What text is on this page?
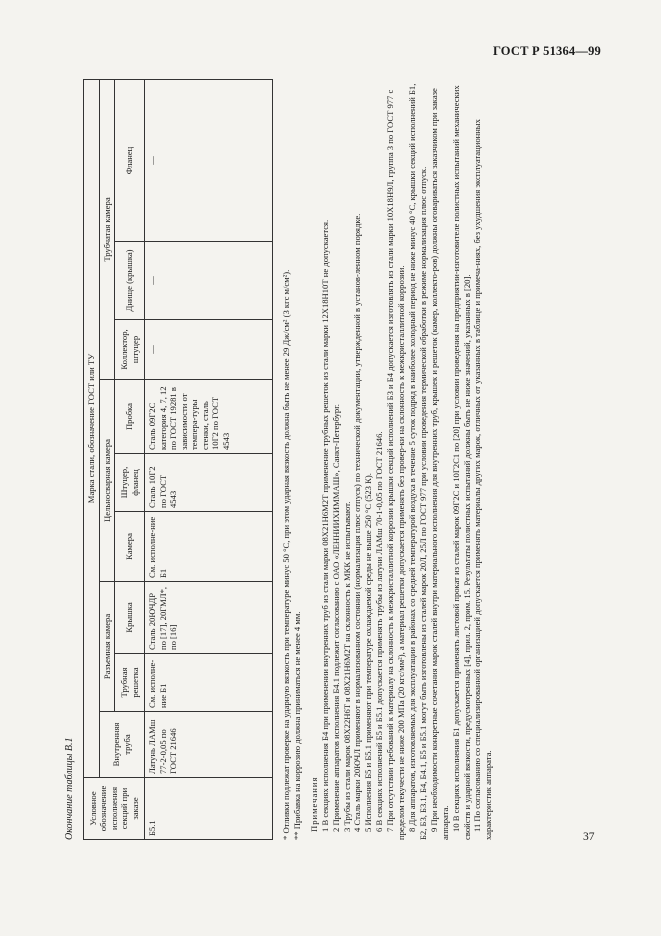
ГОСТ Р 51364—99
Окончание таблицы В.1	Условное обозначение исполнения секций при заказе	Марка стали, обозначение ГОСТ или ТУ								
	Внутренняя труба	Разъемная камера		Цельносварная камера			Трубчатая камера		
		Трубная решетка	Крышка	Камера	Штуцер, фланец	Пробка	Коллектор, штуцер	Днище (крышка)	Фланец
Б5.1	Латунь ЛАМш 77-2-0,05 по ГОСТ 21646	См. исполне-ние Б1	Сталь 20ЮЧДР по [17], 20ГМЛ*, по [16]	См. исполне-ние Б1	Сталь 10Г2 по ГОСТ 4543	Сталь 09Г2С категория 4, 7, 12 по ГОСТ 19281 в зависимости от темпера-туры стенки, сталь 10Г2 по ГОСТ 4543	—	—	—

* Отливки подлежат проверке на ударную вязкость при температуре минус 50 °С, при этом ударная вязкость должна быть не менее 29 Дж/см² (3 кгс м/см²). ** Прибавка на коррозию должна приниматься не менее 4 мм. Примечания 1 В секциях исполнения Б4 при применении внутренних труб из стали марки 08Х21Н6М2Т применение трубных решеток из стали марки 12Х18Н10Т не допускается. 2 Применение аппаратов исполнения Б4.1 подлежит согласованию с ОАО «ЛЕННИИХИММАШ», Санкт-Петербург. 3 Трубы из стали марок 08Х22Н6Т и 08Х21Н6М2Т на склонность к МКК не испытывают. 4 Сталь марки 20ЮЧЛ применяют в нормализованном состоянии (нормализация плюс отпуск) по технической документации, утвержденной в установ-ленном порядке. 5 Исполнения Б5 и Б5.1 применяют при температуре охлаждаемой среды не выше 250 °С (523 К). 6 В секциях исполнений Б5 и Б5.1 допускается применять трубы из латуни ЛАМш 70-1-0,05 по ГОСТ 21646. 7 При отсутствии требований к материалу на склонность к межкристаллитной коррозии крышки секций исполнений Б3 и Б4 допускается изготовлять из стали марки 10Х18Н9Л, группа 3 по ГОСТ 977 с пределом текучести не ниже 200 МПа (20 кгс/мм²), а материал решетки допускается применять без провер-ки на склонность к межкристаллитной коррозии. 8 Для аппаратов, изготовляемых для эксплуатации в районах со средней температурой воздуха в течение 5 суток подряд в наиболее холодный период не ниже минус 40 °С, крышки секций исполнений Б1, Б2, Б3, Б3.1, Б4, Б4.1, Б5 и Б5.1 могут быть изготовлены из сталей марок 20Л, 25Л по ГОСТ 977 при условии проведения термической обработки в режиме нормализация плюс отпуск. 9 При необходимости конкретные сочетания марок сталей внутри материального исполнения для внутренних труб, крышек и решеток (камер, коллекто-ров) должны оговариваться заказчиком при заказе аппарата. 10 В секциях исполнения Б1 допускается применять листовой прокат из сталей марок 09Г2С и 10Г2С1 по [20] при условии проведения на предприятии-изготовителе полистных испытаний механических свойств и ударной вязкости, предусмотренных [4], прил. 2, прим. 15. Результаты полистных испытаний должны быть не ниже значений, указанных в [20]. 11 По согласованию со специализированной организацией допускается применять материалы других марок, отличных от указанных в таблице и примеча-ниях, без ухудшения эксплуатационных характеристик аппарата.	37
